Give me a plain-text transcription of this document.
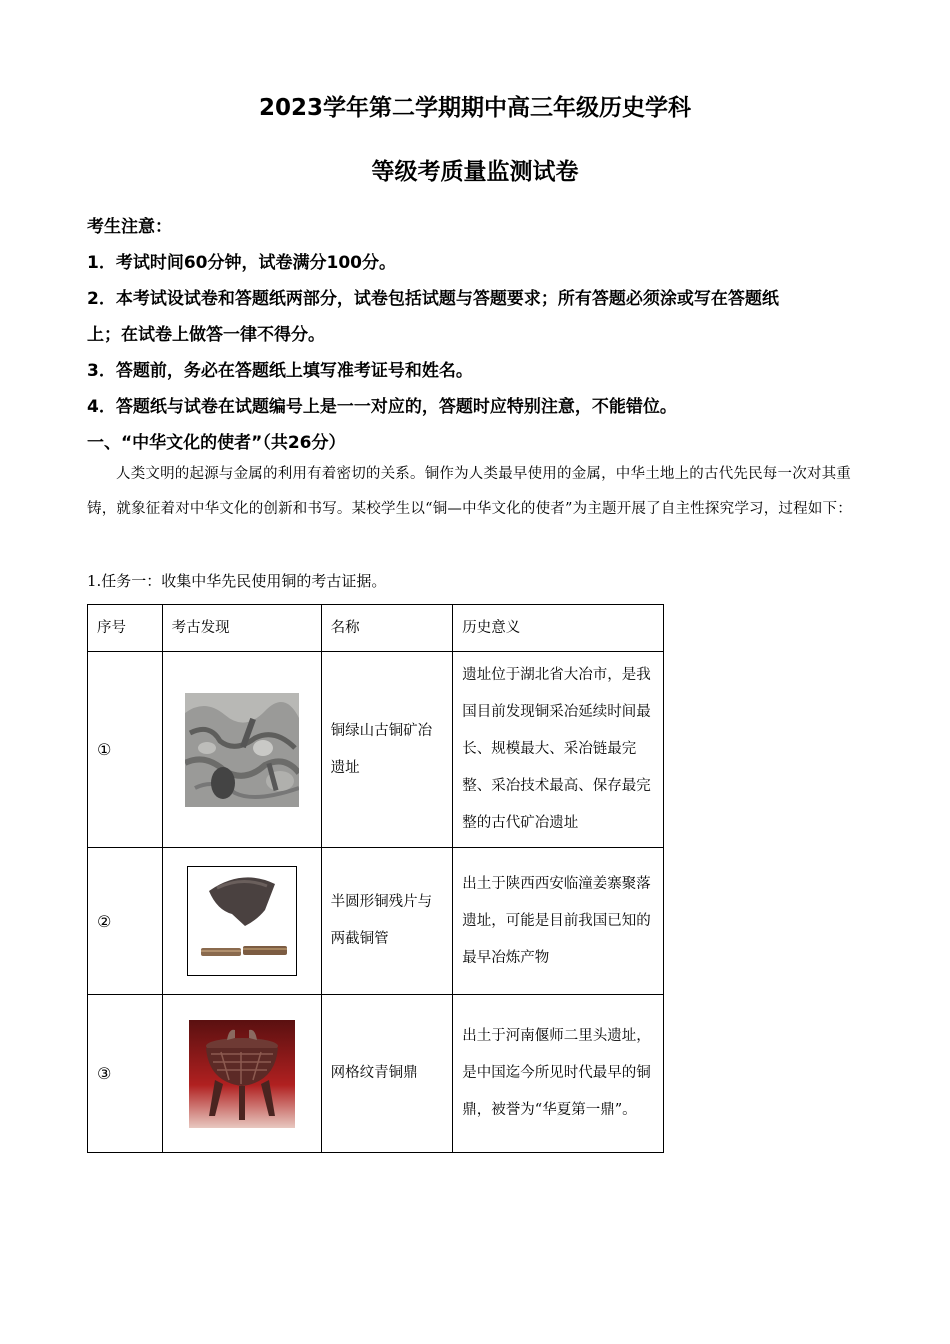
2023学年第二学期期中高三年级历史学科
等级考质量监测试卷

考生注意：

1．考试时间60分钟，试卷满分100分。

2．本考试设试卷和答题纸两部分，试卷包括试题与答题要求；所有答题必须涂或写在答题纸

上；在试卷上做答一律不得分。

3．答题前，务必在答题纸上填写准考证号和姓名。

4．答题纸与试卷在试题编号上是一一对应的，答题时应特别注意，不能错位。

一、“中华文化的使者”（共26分）

人类文明的起源与金属的利用有着密切的关系。铜作为人类最早使用的金属，中华土地上的古代先民每一次对其重铸，就象征着对中华文化的创新和书写。某校学生以“铜—中华文化的使者”为主题开展了自主性探究学习，过程如下：

1.任务一：收集中华先民使用铜的考古证据。

序号	考古发现	名称	历史意义
①		铜绿山古铜矿冶遗址	遗址位于湖北省大冶市，是我国目前发现铜采冶延续时间最长、规模最大、采冶链最完整、采冶技术最高、保存最完整的古代矿冶遗址
②		半圆形铜残片与两截铜管	出土于陕西西安临潼姜寨聚落遗址，可能是目前我国已知的最早冶炼产物
③		网格纹青铜鼎	出土于河南偃师二里头遗址，是中国迄今所见时代最早的铜鼎，被誉为“华夏第一鼎”。
